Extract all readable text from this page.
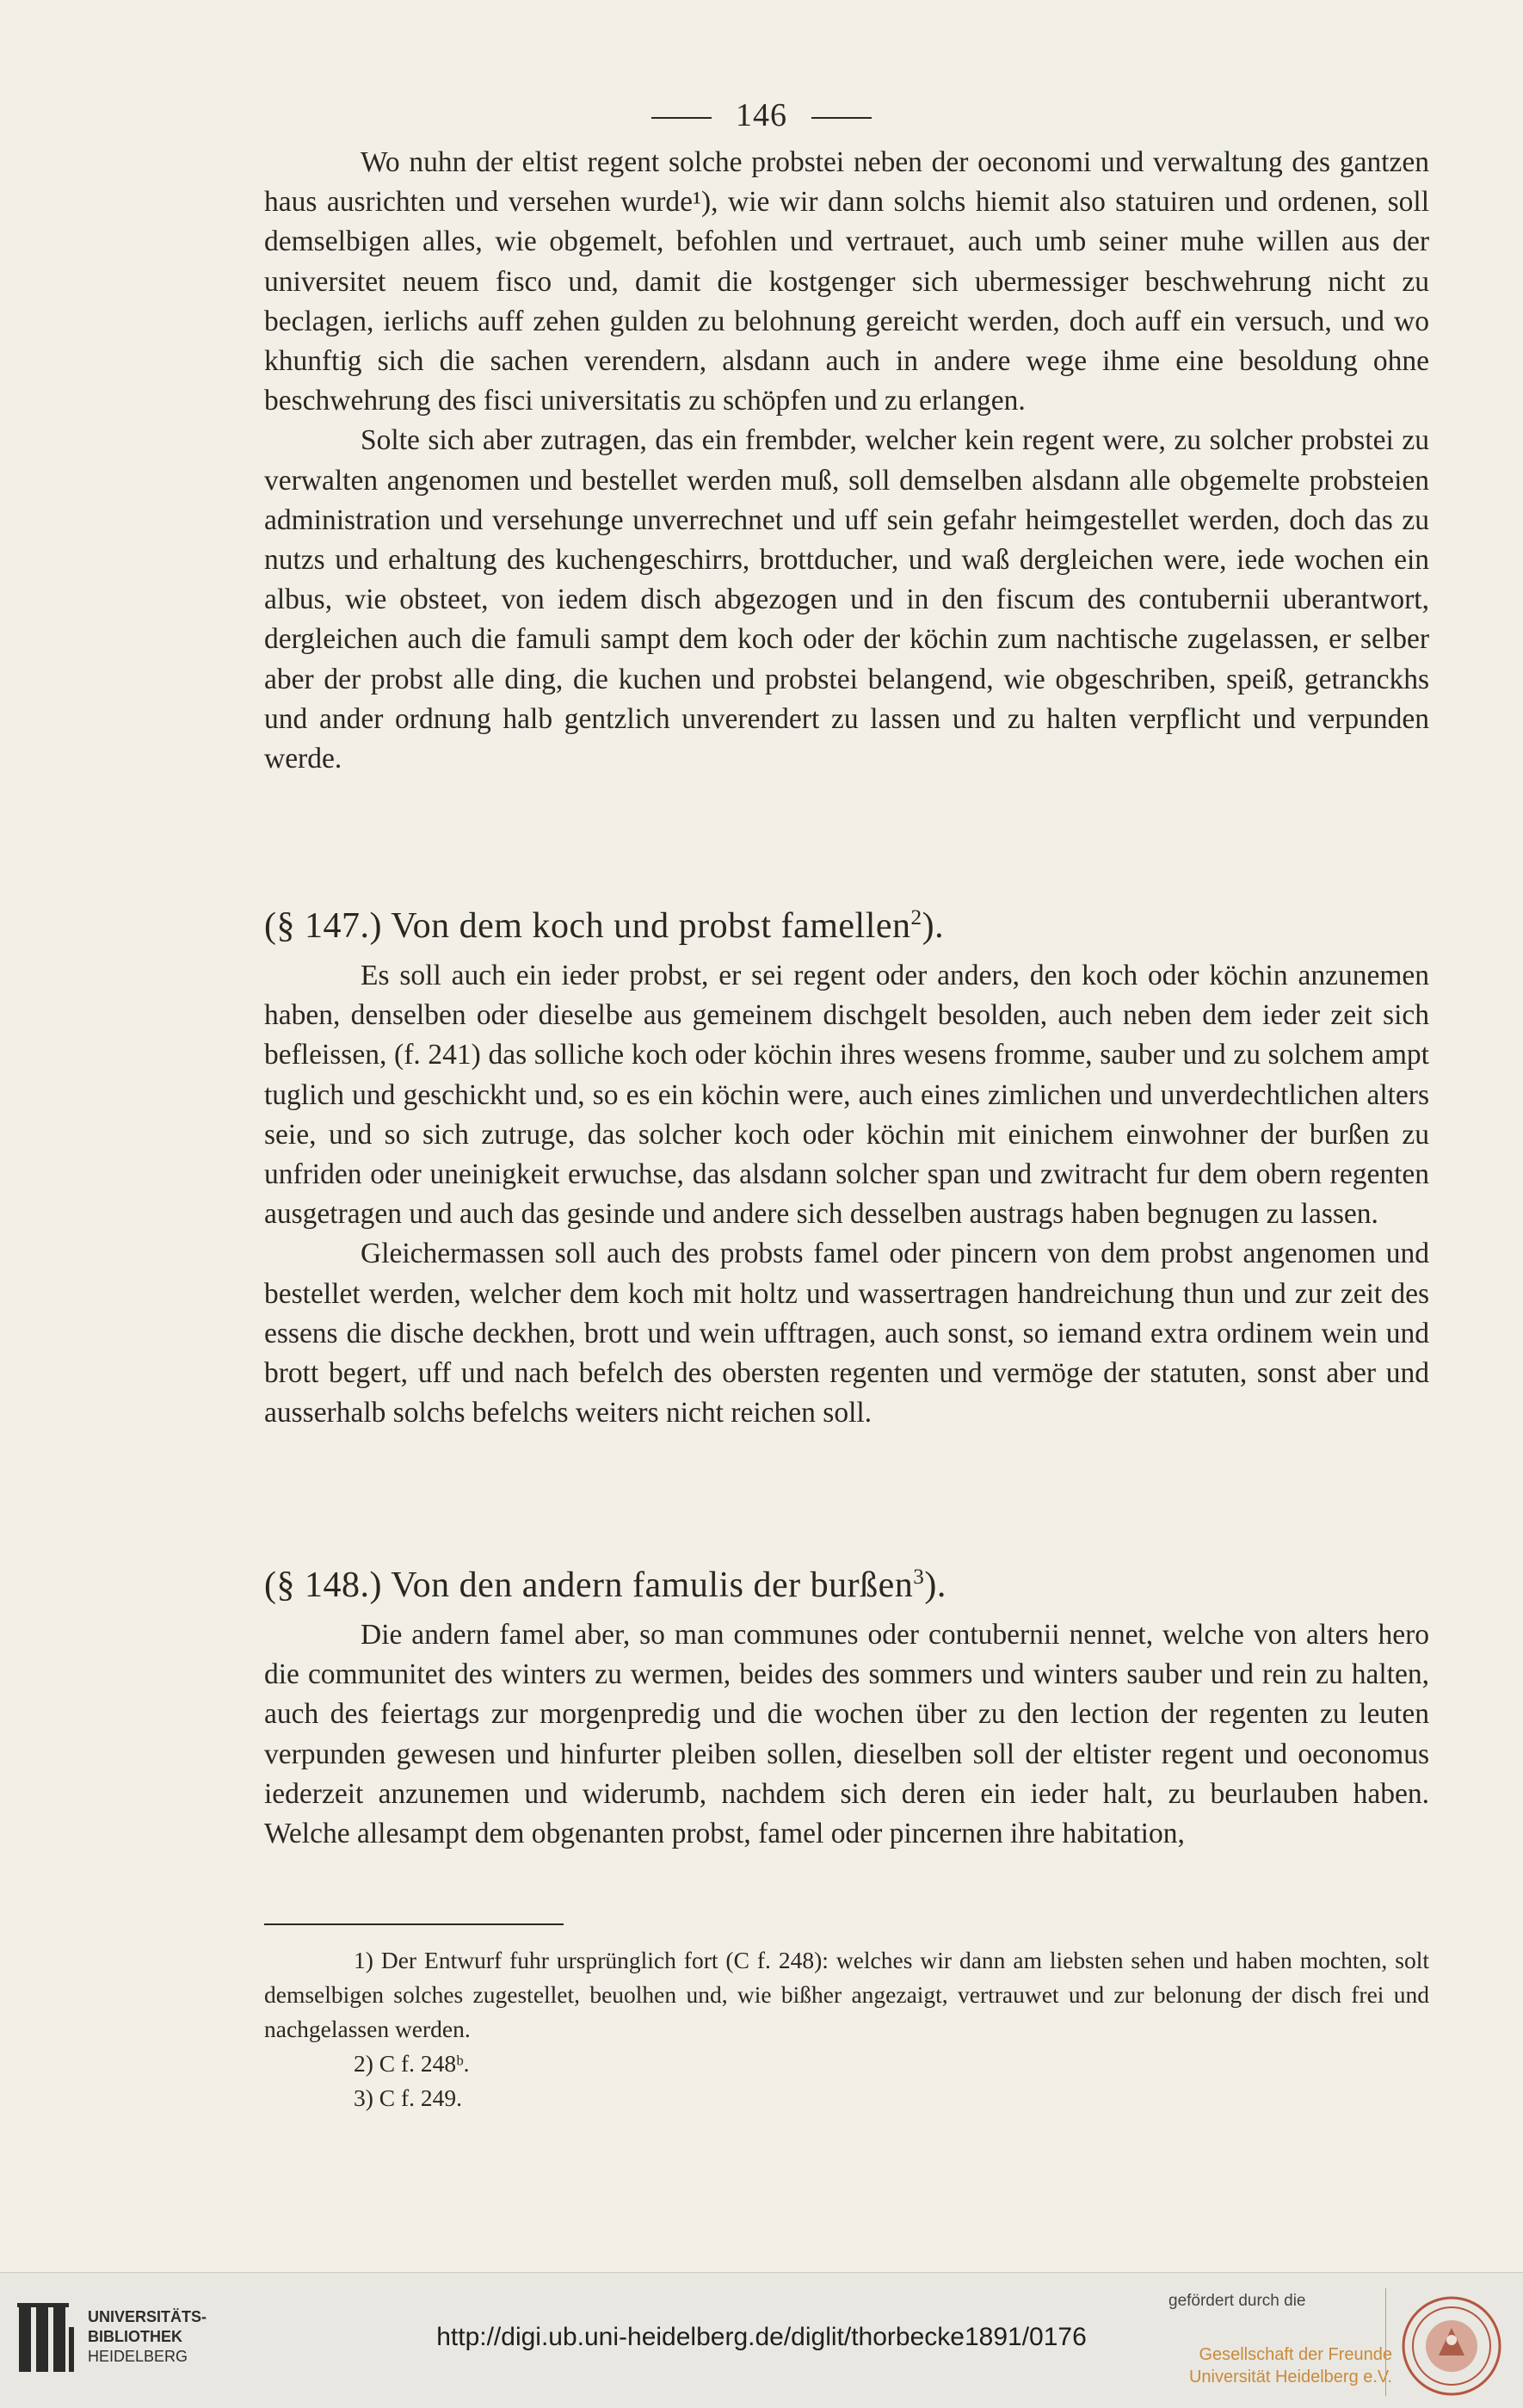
146

Wo nuhn der eltist regent solche probstei neben der oeconomi und verwaltung des gantzen haus ausrichten und versehen wurde¹), wie wir dann solchs hiemit also statuiren und ordenen, soll demselbigen alles, wie obgemelt, befohlen und vertrauet, auch umb seiner muhe willen aus der universitet neuem fisco und, damit die kostgenger sich ubermessiger beschwehrung nicht zu beclagen, ierlichs auff zehen gulden zu belohnung gereicht werden, doch auff ein versuch, und wo khunftig sich die sachen verendern, alsdann auch in andere wege ihme eine besoldung ohne beschwehrung des fisci universitatis zu schöpfen und zu erlangen.

Solte sich aber zutragen, das ein frembder, welcher kein regent were, zu solcher probstei zu verwalten angenomen und bestellet werden muß, soll demselben alsdann alle obgemelte probsteien administration und versehunge unverrechnet und uff sein gefahr heimgestellet werden, doch das zu nutzs und erhaltung des kuchengeschirrs, brottducher, und waß dergleichen were, iede wochen ein albus, wie obsteet, von iedem disch abgezogen und in den fiscum des contubernii uberantwort, dergleichen auch die famuli sampt dem koch oder der köchin zum nachtische zugelassen, er selber aber der probst alle ding, die kuchen und probstei belangend, wie obgeschriben, speiß, getranckhs und ander ordnung halb gentzlich unverendert zu lassen und zu halten verpflicht und verpunden werde.

(§ 147.) Von dem koch und probst famellen$^2$).

Es soll auch ein ieder probst, er sei regent oder anders, den koch oder köchin anzunemen haben, denselben oder dieselbe aus gemeinem dischgelt besolden, auch neben dem ieder zeit sich befleissen, (f. 241) das solliche koch oder köchin ihres wesens fromme, sauber und zu solchem ampt tuglich und geschickht und, so es ein köchin were, auch eines zimlichen und unverdechtlichen alters seie, und so sich zutruge, das solcher koch oder köchin mit einichem einwohner der burßen zu unfriden oder uneinigkeit erwuchse, das alsdann solcher span und zwitracht fur dem obern regenten ausgetragen und auch das gesinde und andere sich desselben austrags haben begnugen zu lassen.

Gleichermassen soll auch des probsts famel oder pincern von dem probst angenomen und bestellet werden, welcher dem koch mit holtz und wassertragen handreichung thun und zur zeit des essens die dische deckhen, brott und wein ufftragen, auch sonst, so iemand extra ordinem wein und brott begert, uff und nach befelch des obersten regenten und vermöge der statuten, sonst aber und ausserhalb solchs befelchs weiters nicht reichen soll.

(§ 148.) Von den andern famulis der burßen$^3$).

Die andern famel aber, so man communes oder contubernii nennet, welche von alters hero die communitet des winters zu wermen, beides des sommers und winters sauber und rein zu halten, auch des feiertags zur morgenpredig und die wochen über zu den lection der regenten zu leuten verpunden gewesen und hinfurter pleiben sollen, dieselben soll der eltister regent und oeconomus iederzeit anzunemen und widerumb, nachdem sich deren ein ieder halt, zu beurlauben haben. Welche allesampt dem obgenanten probst, famel oder pincernen ihre habitation,

1) Der Entwurf fuhr ursprünglich fort (C f. 248): welches wir dann am liebsten sehen und haben mochten, solt demselbigen solches zugestellet, beuolhen und, wie bißher angezaigt, vertrauwet und zur belonung der disch frei und nachgelassen werden.

2) C f. 248ᵇ.

3) C f. 249.

UNIVERSITÄTS-
BIBLIOTHEK
HEIDELBERG
http://digi.ub.uni-heidelberg.de/diglit/thorbecke1891/0176
gefördert durch die
Gesellschaft der Freunde
Universität Heidelberg e.V.
